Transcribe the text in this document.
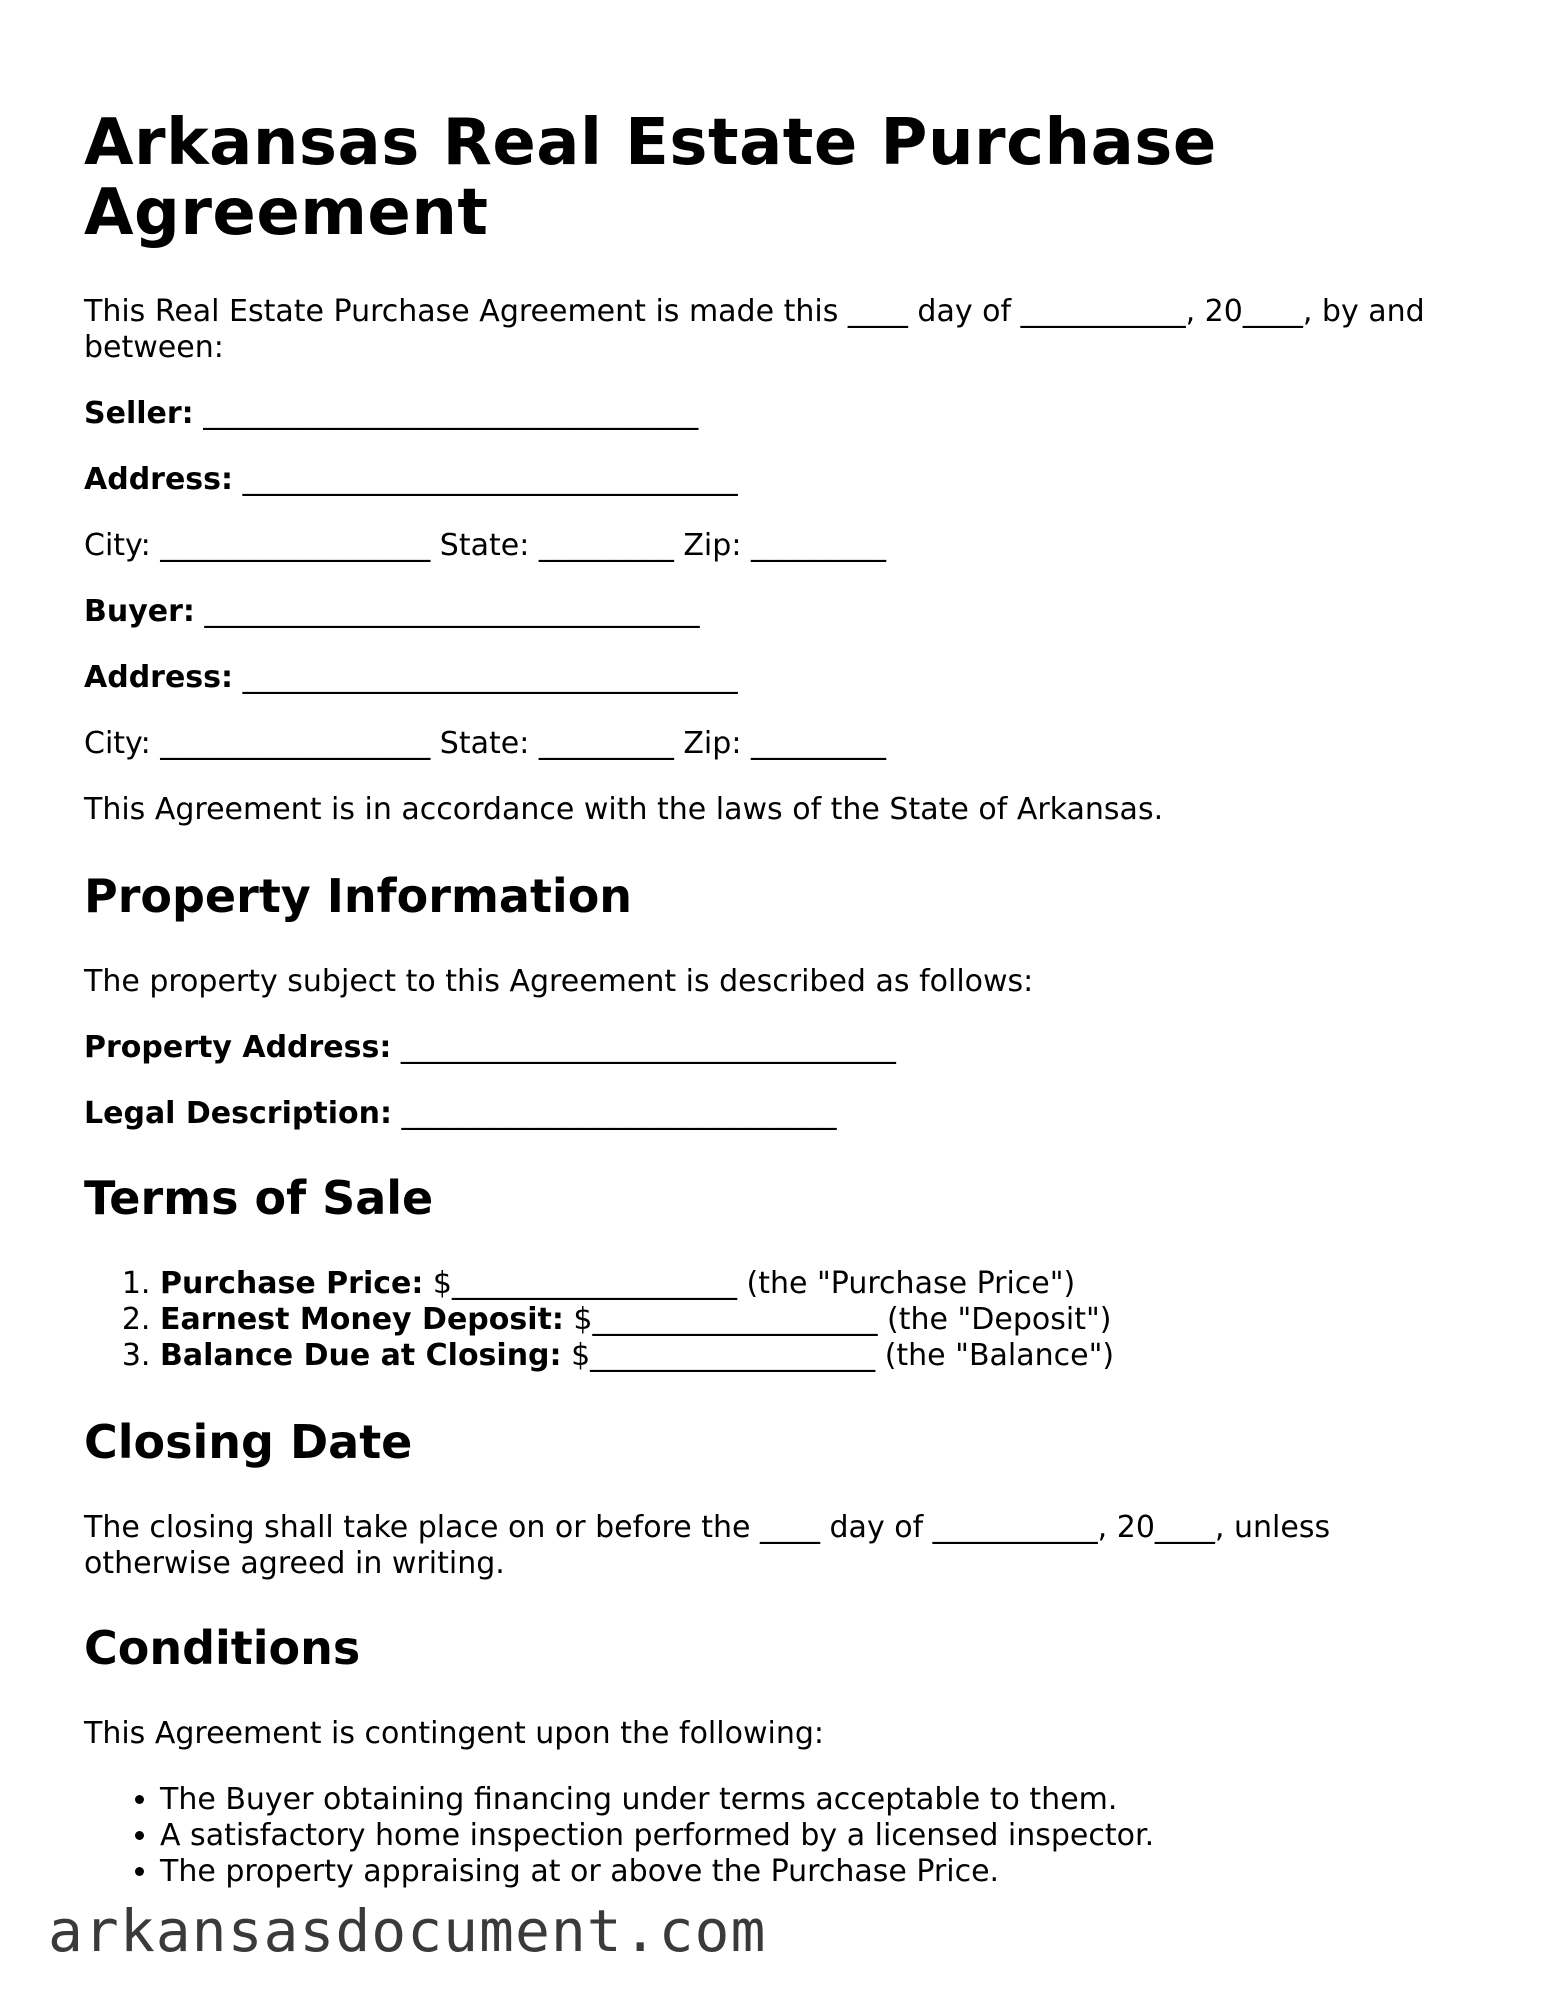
Arkansas Real Estate Purchase Agreement

This Real Estate Purchase Agreement is made this ____ day of ___________, 20____, by and between:

Seller: _________________________________
Address: _________________________________
City: __________________ State: _________ Zip: _________
Buyer: _________________________________
Address: _________________________________
City: __________________ State: _________ Zip: _________

This Agreement is in accordance with the laws of the State of Arkansas.

Property Information

The property subject to this Agreement is described as follows:

Property Address: _________________________________
Legal Description: _____________________________
Terms of Sale
1. Purchase Price: $___________________ (the "Purchase Price")
2. Earnest Money Deposit: $___________________ (the "Deposit")
3. Balance Due at Closing: $___________________ (the "Balance")
Closing Date

The closing shall take place on or before the ____ day of ___________, 20____, unless otherwise agreed in writing.

Conditions

This Agreement is contingent upon the following:

• The Buyer obtaining financing under terms acceptable to them.
• A satisfactory home inspection performed by a licensed inspector.
• The property appraising at or above the Purchase Price.
arkansasdocument.com
